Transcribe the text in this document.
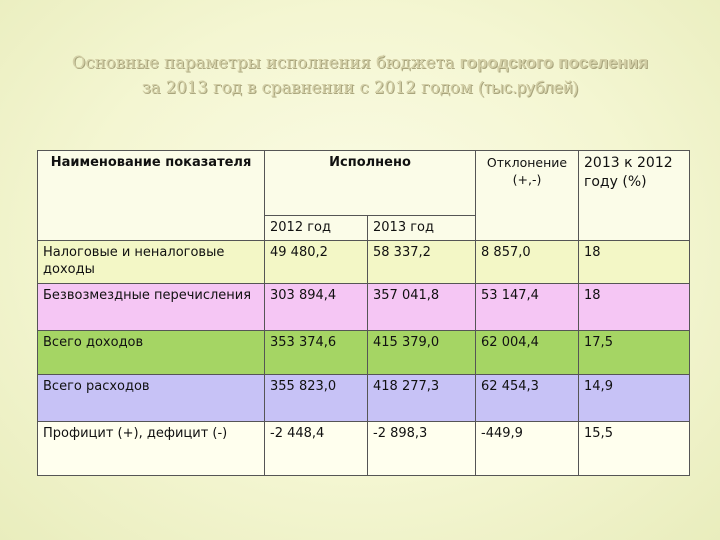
Основные параметры исполнения бюджета городского поселения
за 2013 год в сравнении с 2012 годом (тыс.рублей)
Наименование показателя	Исполнено		Отклонение (+,-)	2013 к 2012 году (%)
	2012 год	2013 год		
Налоговые и неналоговые доходы	49 480,2	58 337,2	8 857,0	18
Безвозмездные перечисления	303 894,4	357 041,8	53 147,4	18
Всего доходов	353 374,6	415 379,0	62 004,4	17,5
Всего расходов	355 823,0	418 277,3	62 454,3	14,9
Профицит (+), дефицит (-)	-2 448,4	-2 898,3	-449,9	15,5
